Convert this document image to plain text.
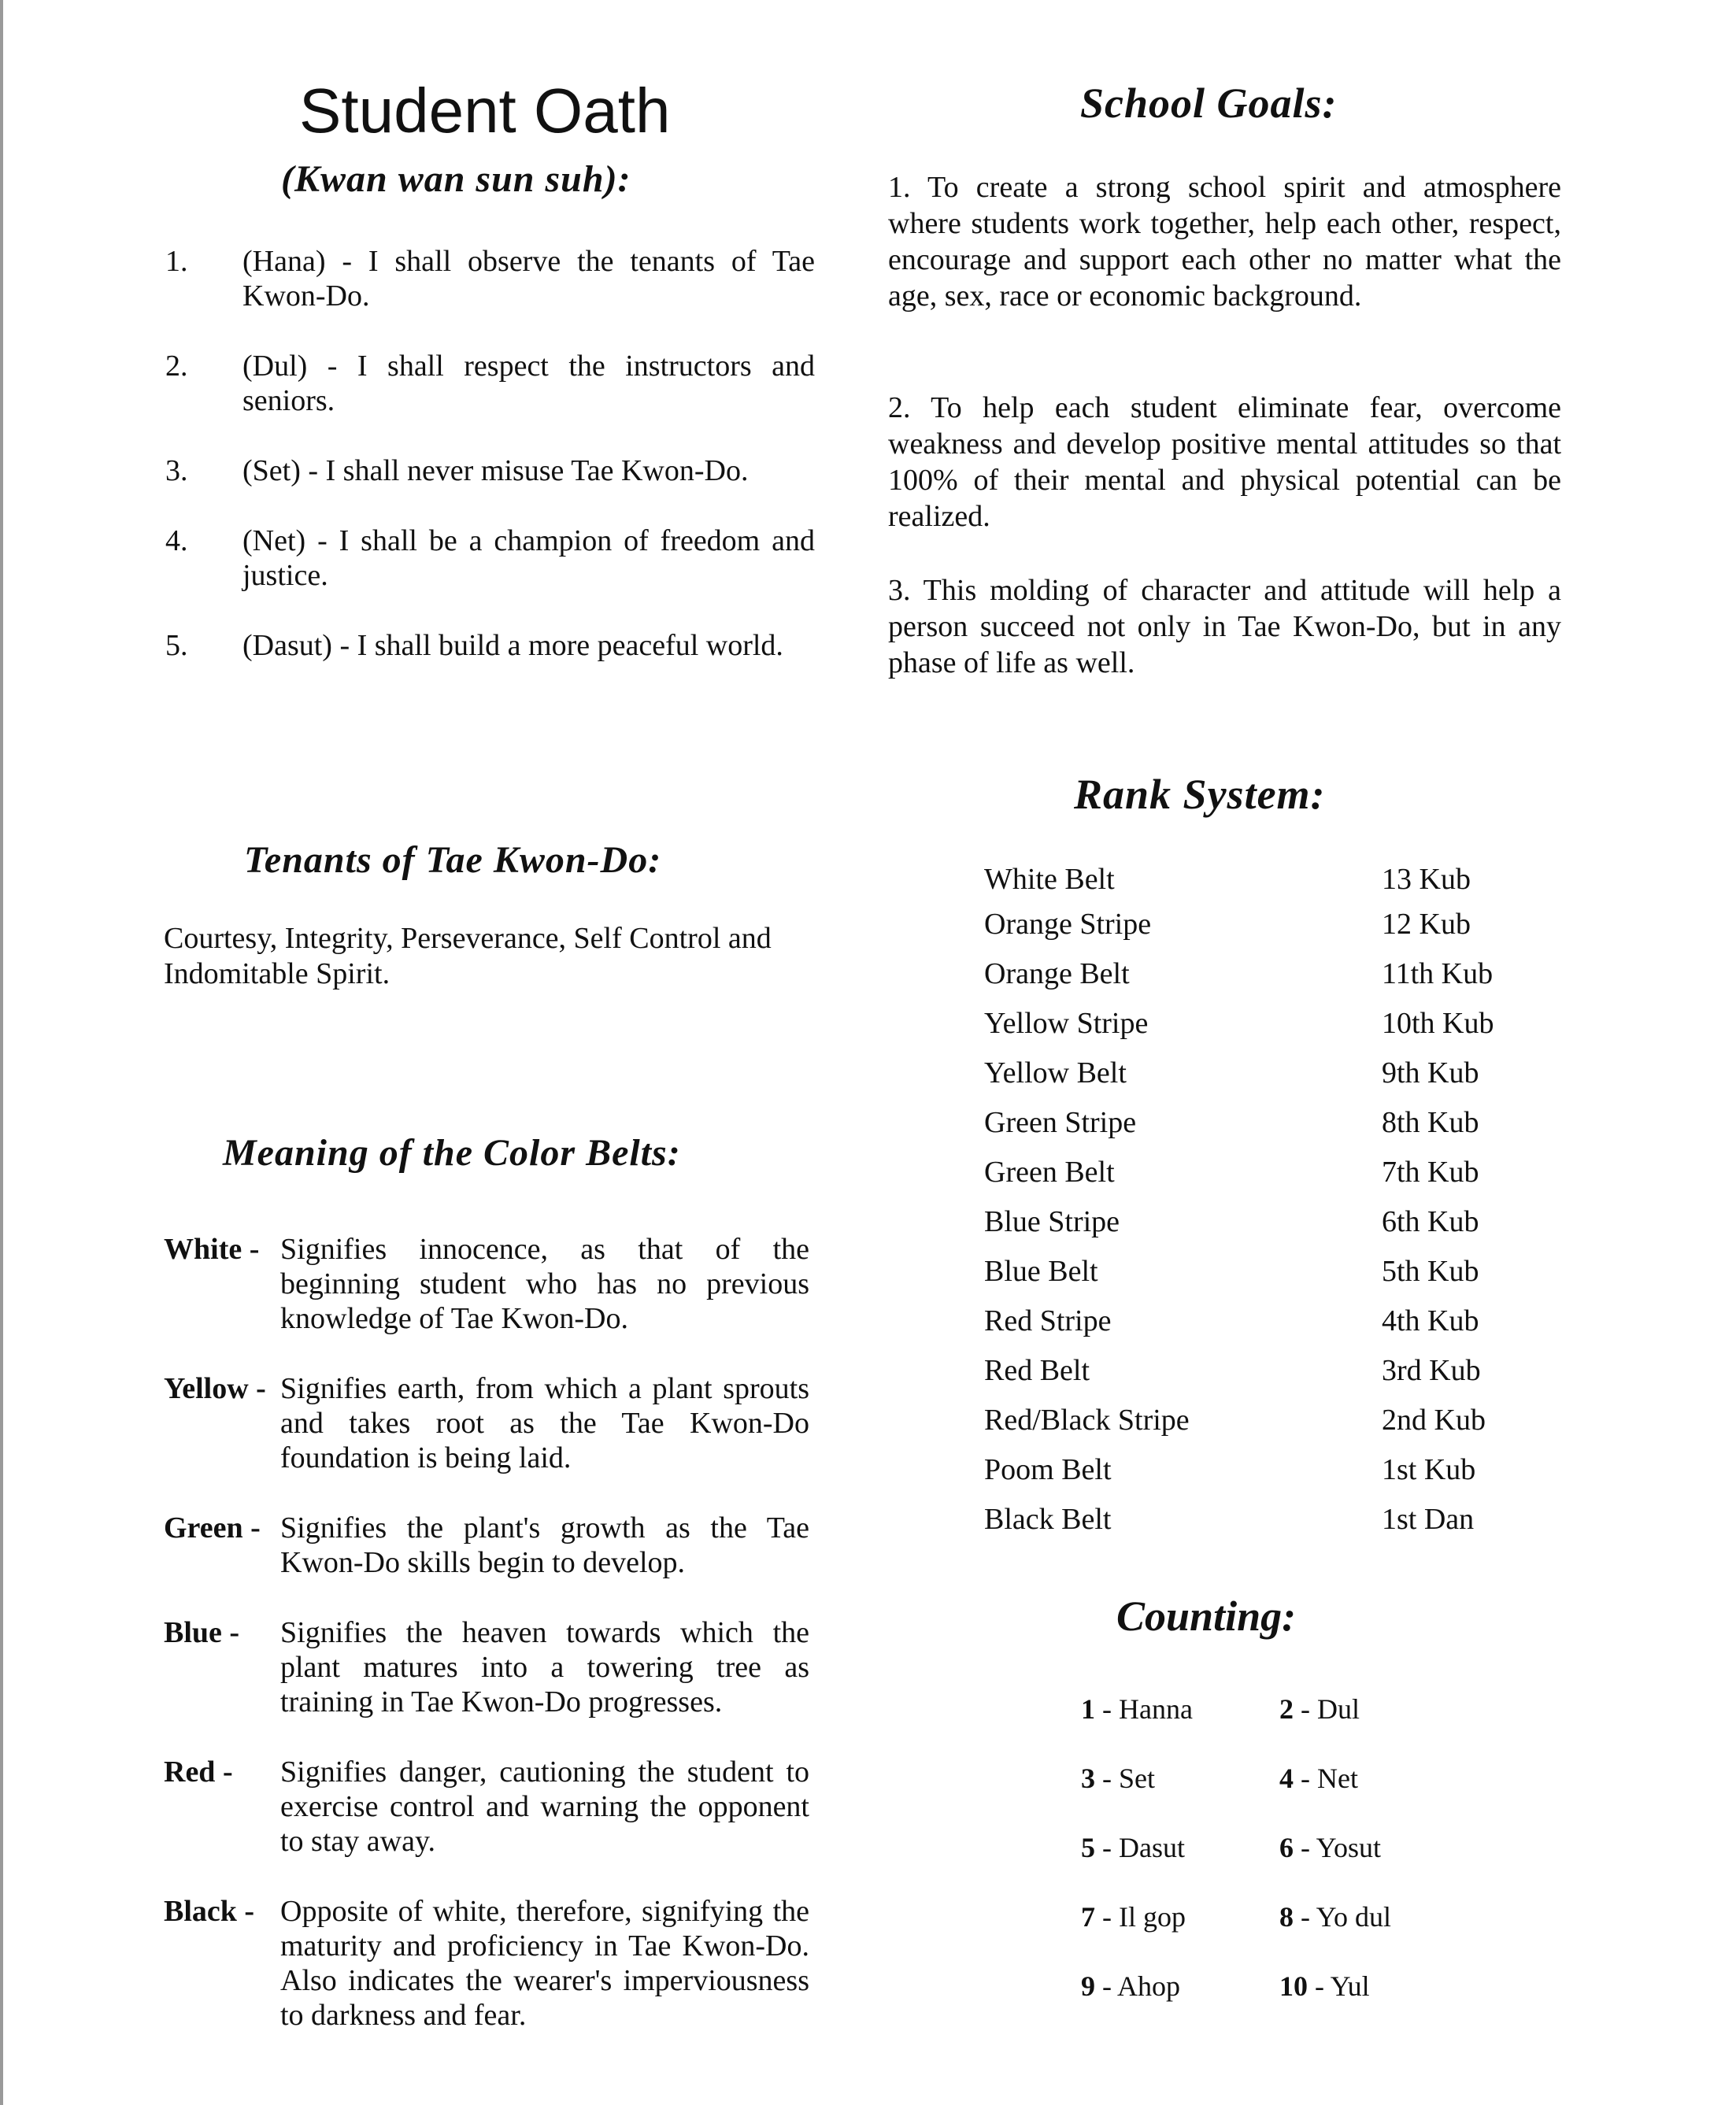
Student Oath
(Kwan wan sun suh):
1. (Hana) - I shall observe the tenants of Tae Kwon-Do.
2. (Dul) - I shall respect the instructors and seniors.
3. (Set) - I shall never misuse Tae Kwon-Do.
4. (Net) - I shall be a champion of freedom and justice.
5. (Dasut) - I shall build a more peaceful world.
Tenants of Tae Kwon-Do:
Courtesy, Integrity, Perseverance, Self Control and Indomitable Spirit.
Meaning of the Color Belts:
White - Signifies innocence, as that of the beginning student who has no previous knowledge of Tae Kwon-Do.
Yellow - Signifies earth, from which a plant sprouts and takes root as the Tae Kwon-Do foundation is being laid.
Green - Signifies the plant's growth as the Tae Kwon-Do skills begin to develop.
Blue - Signifies the heaven towards which the plant matures into a towering tree as training in Tae Kwon-Do progresses.
Red - Signifies danger, cautioning the student to exercise control and warning the opponent to stay away.
Black - Opposite of white, therefore, signifying the maturity and proficiency in Tae Kwon-Do. Also indicates the wearer's imperviousness to darkness and fear.
School Goals:
1. To create a strong school spirit and atmosphere where students work together, help each other, respect, encourage and support each other no matter what the age, sex, race or economic background.
2. To help each student eliminate fear, overcome weakness and develop positive mental attitudes so that 100% of their mental and physical potential can be realized.
3. This molding of character and attitude will help a person succeed not only in Tae Kwon-Do, but in any phase of life as well.
Rank System:
White Belt	13 Kub
Orange Stripe	12 Kub
Orange Belt	11th Kub
Yellow Stripe	10th Kub
Yellow Belt	9th Kub
Green Stripe	8th Kub
Green Belt	7th Kub
Blue Stripe	6th Kub
Blue Belt	5th Kub
Red Stripe	4th Kub
Red Belt	3rd Kub
Red/Black Stripe	2nd Kub
Poom Belt	1st Kub
Black Belt	1st Dan
Counting:
1 - Hanna	2 - Dul
3 - Set	4 - Net
5 - Dasut	6 - Yosut
7 - Il gop	8 - Yo dul
9 - Ahop	10 - Yul
